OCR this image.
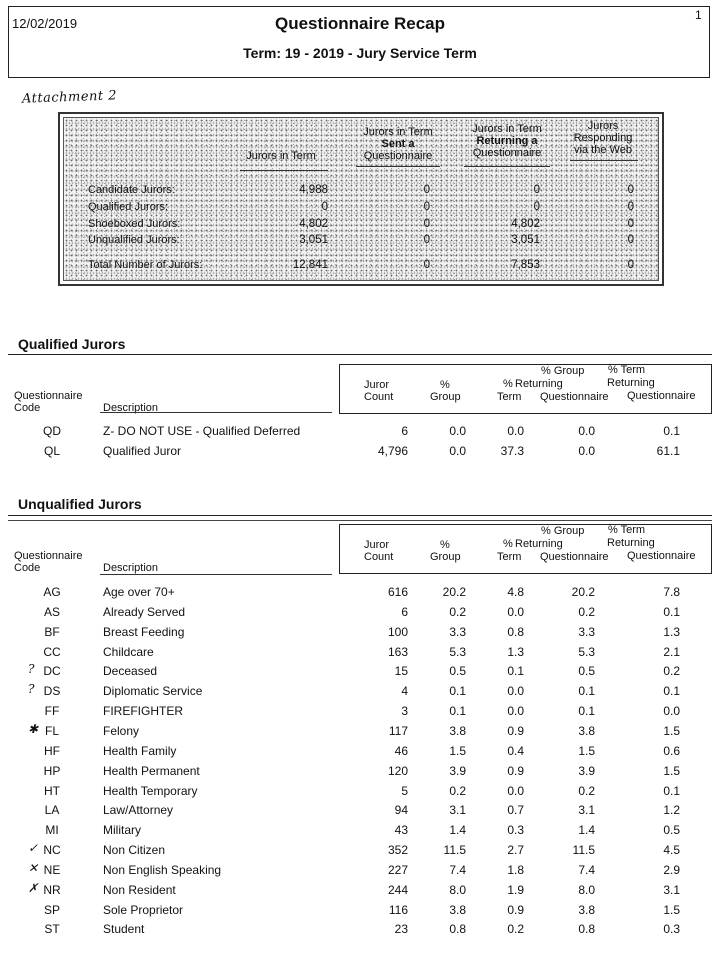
12/02/2019
1
Questionnaire Recap
Term: 19 - 2019 - Jury Service Term
Attachment 2
Jurors in Term
Jurors in Term
Sent a
Questionnaire
Jurors in Term
Returning a
Questionnaire
Jurors
Responding
via the Web
Candidate Jurors:	4,988	0	0	0
Qualified Jurors:	0	0	0	0
Shoeboxed Jurors:	4,802	0	4,802	0
Unqualified Jurors:	3,051	0	3,051	0
Total Number of Jurors:	12,841	0	7,853	0
Qualified Jurors
Questionnaire
Code	Description
Juror
Count
%
Group
%
Term
% Group
Returning
Questionnaire
% Term
Returning
Questionnaire
QD	Z- DO NOT USE - Qualified Deferred	6	0.0	0.0	0.0	0.1
QL	Qualified Juror	4,796	0.0	37.3	0.0	61.1
Unqualified Jurors
Questionnaire
Code	Description
Juror
Count
%
Group
%
Term
% Group
Returning
Questionnaire
% Term
Returning
Questionnaire
AG	Age over 70+	616	20.2	4.8	20.2	7.8
AS	Already Served	6	0.2	0.0	0.2	0.1
BF	Breast Feeding	100	3.3	0.8	3.3	1.3
CC	Childcare	163	5.3	1.3	5.3	2.1
DC	Deceased	15	0.5	0.1	0.5	0.2
?
DS	Diplomatic Service	4	0.1	0.0	0.1	0.1
?
FF	FIREFIGHTER	3	0.1	0.0	0.1	0.0
FL	Felony	117	3.8	0.9	3.8	1.5
✱
HF	Health Family	46	1.5	0.4	1.5	0.6
HP	Health Permanent	120	3.9	0.9	3.9	1.5
HT	Health Temporary	5	0.2	0.0	0.2	0.1
LA	Law/Attorney	94	3.1	0.7	3.1	1.2
MI	Military	43	1.4	0.3	1.4	0.5
NC	Non Citizen	352	11.5	2.7	11.5	4.5
✓
NE	Non English Speaking	227	7.4	1.8	7.4	2.9
✕
NR	Non Resident	244	8.0	1.9	8.0	3.1
✗
SP	Sole Proprietor	116	3.8	0.9	3.8	1.5
ST	Student	23	0.8	0.2	0.8	0.3
